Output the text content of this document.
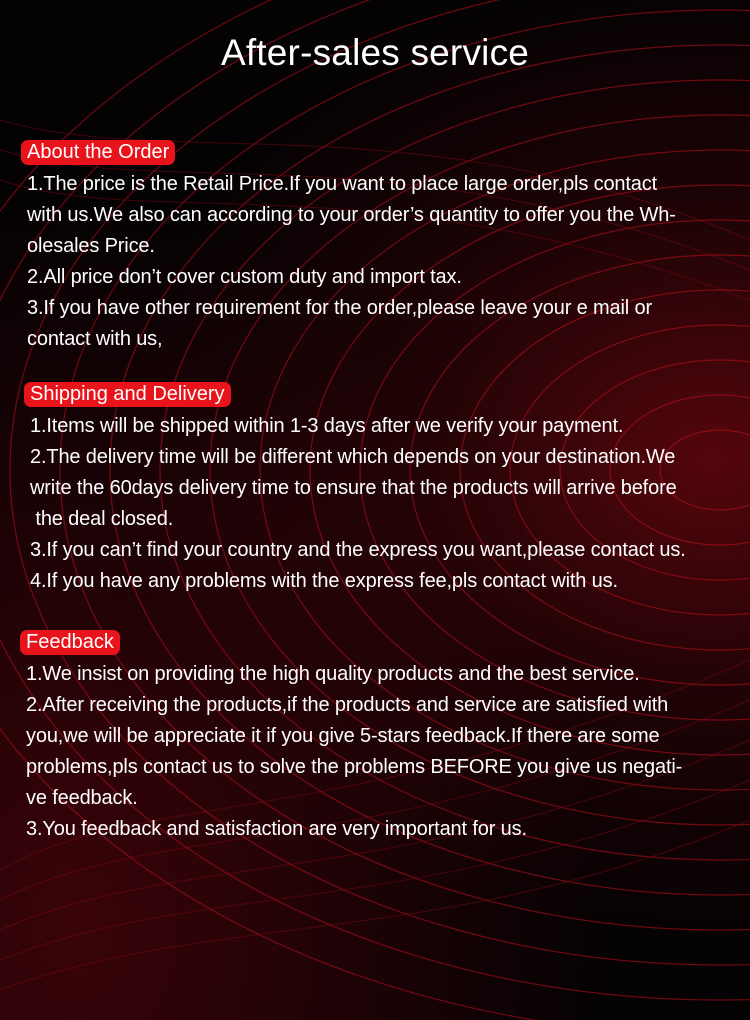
After-sales service
About the Order
1.The price is the Retail Price.If you want to place large order,pls contact
with us.We also can according to your order’s quantity to offer you the Wh-
olesales Price.
2.All price don’t cover custom duty and import tax.
3.If you have other requirement for the order,please leave your e mail or
contact with us,
Shipping and Delivery
1.Items will be shipped within 1-3 days after we verify your payment.
2.The delivery time will be different which depends on your destination.We
write the 60days delivery time to ensure that the products will arrive before
the deal closed.
3.If you can’t find your country and the express you want,please contact us.
4.If you have any problems with the express fee,pls contact with us.
Feedback
1.We insist on providing the high quality products and the best service.
2.After receiving the products,if the products and service are satisfied with
you,we will be appreciate it if you give 5-stars feedback.If there are some
problems,pls contact us to solve the problems BEFORE you give us negati-
ve feedback.
3.You feedback and satisfaction are very important for us.
